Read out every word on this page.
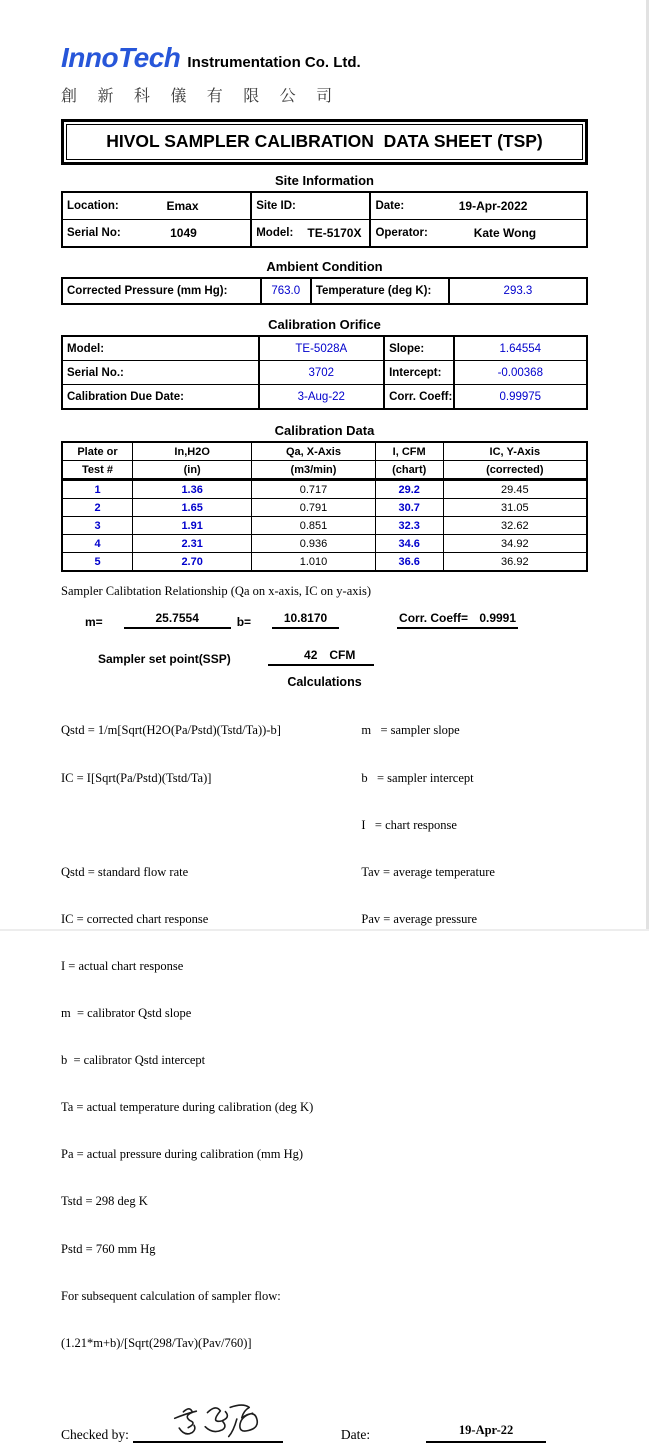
InnoTech Instrumentation Co. Ltd.
創 新 科 儀 有 限 公 司
HIVOL SAMPLER CALIBRATION  DATA SHEET (TSP)
Site Information
Location:	Emax	Site ID:	Date:	19-Apr-2022
Serial No:	1049	Model:	TE-5170X	Operator:	Kate Wong
Ambient Condition
Corrected Pressure (mm Hg):	763.0 Temperature (deg K):	293.3
Calibration Orifice
Model:	TE-5028A	Slope:	1.64554
Serial No.:	3702	Intercept:	-0.00368
Calibration Due Date:	3-Aug-22	Corr. Coeff:	0.99975
Calibration Data
Plate or	In,H2O	Qa, X-Axis	I, CFM	IC, Y-Axis
Test #	(in)	(m3/min)	(chart)	(corrected)
1	1.36	0.717	29.2	29.45
2	1.65	0.791	30.7	31.05
3	1.91	0.851	32.3	32.62
4	2.31	0.936	34.6	34.92
5	2.70	1.010	36.6	36.92
Sampler Calibtation Relationship (Qa on x-axis, IC on y-axis)
m=	25.7554	b=	10.8170	Corr. Coeff= 0.9991
Sampler set point(SSP)	42 CFM
Calculations

Qstd = 1/m[Sqrt(H2O(Pa/Pstd)(Tstd/Ta))-b]

IC = I[Sqrt(Pa/Pstd)(Tstd/Ta)]

Qstd = standard flow rate

IC = corrected chart response

I = actual chart response

m  = calibrator Qstd slope

b  = calibrator Qstd intercept

Ta = actual temperature during calibration (deg K)

Pa = actual pressure during calibration (mm Hg)

Tstd = 298 deg K

Pstd = 760 mm Hg

For subsequent calculation of sampler flow:

(1.21*m+b)/[Sqrt(298/Tav)(Pav/760)]

m   = sampler slope

b   = sampler intercept

I   = chart response

Tav = average temperature

Pav = average pressure

Checked by:	Date:	19-Apr-22
